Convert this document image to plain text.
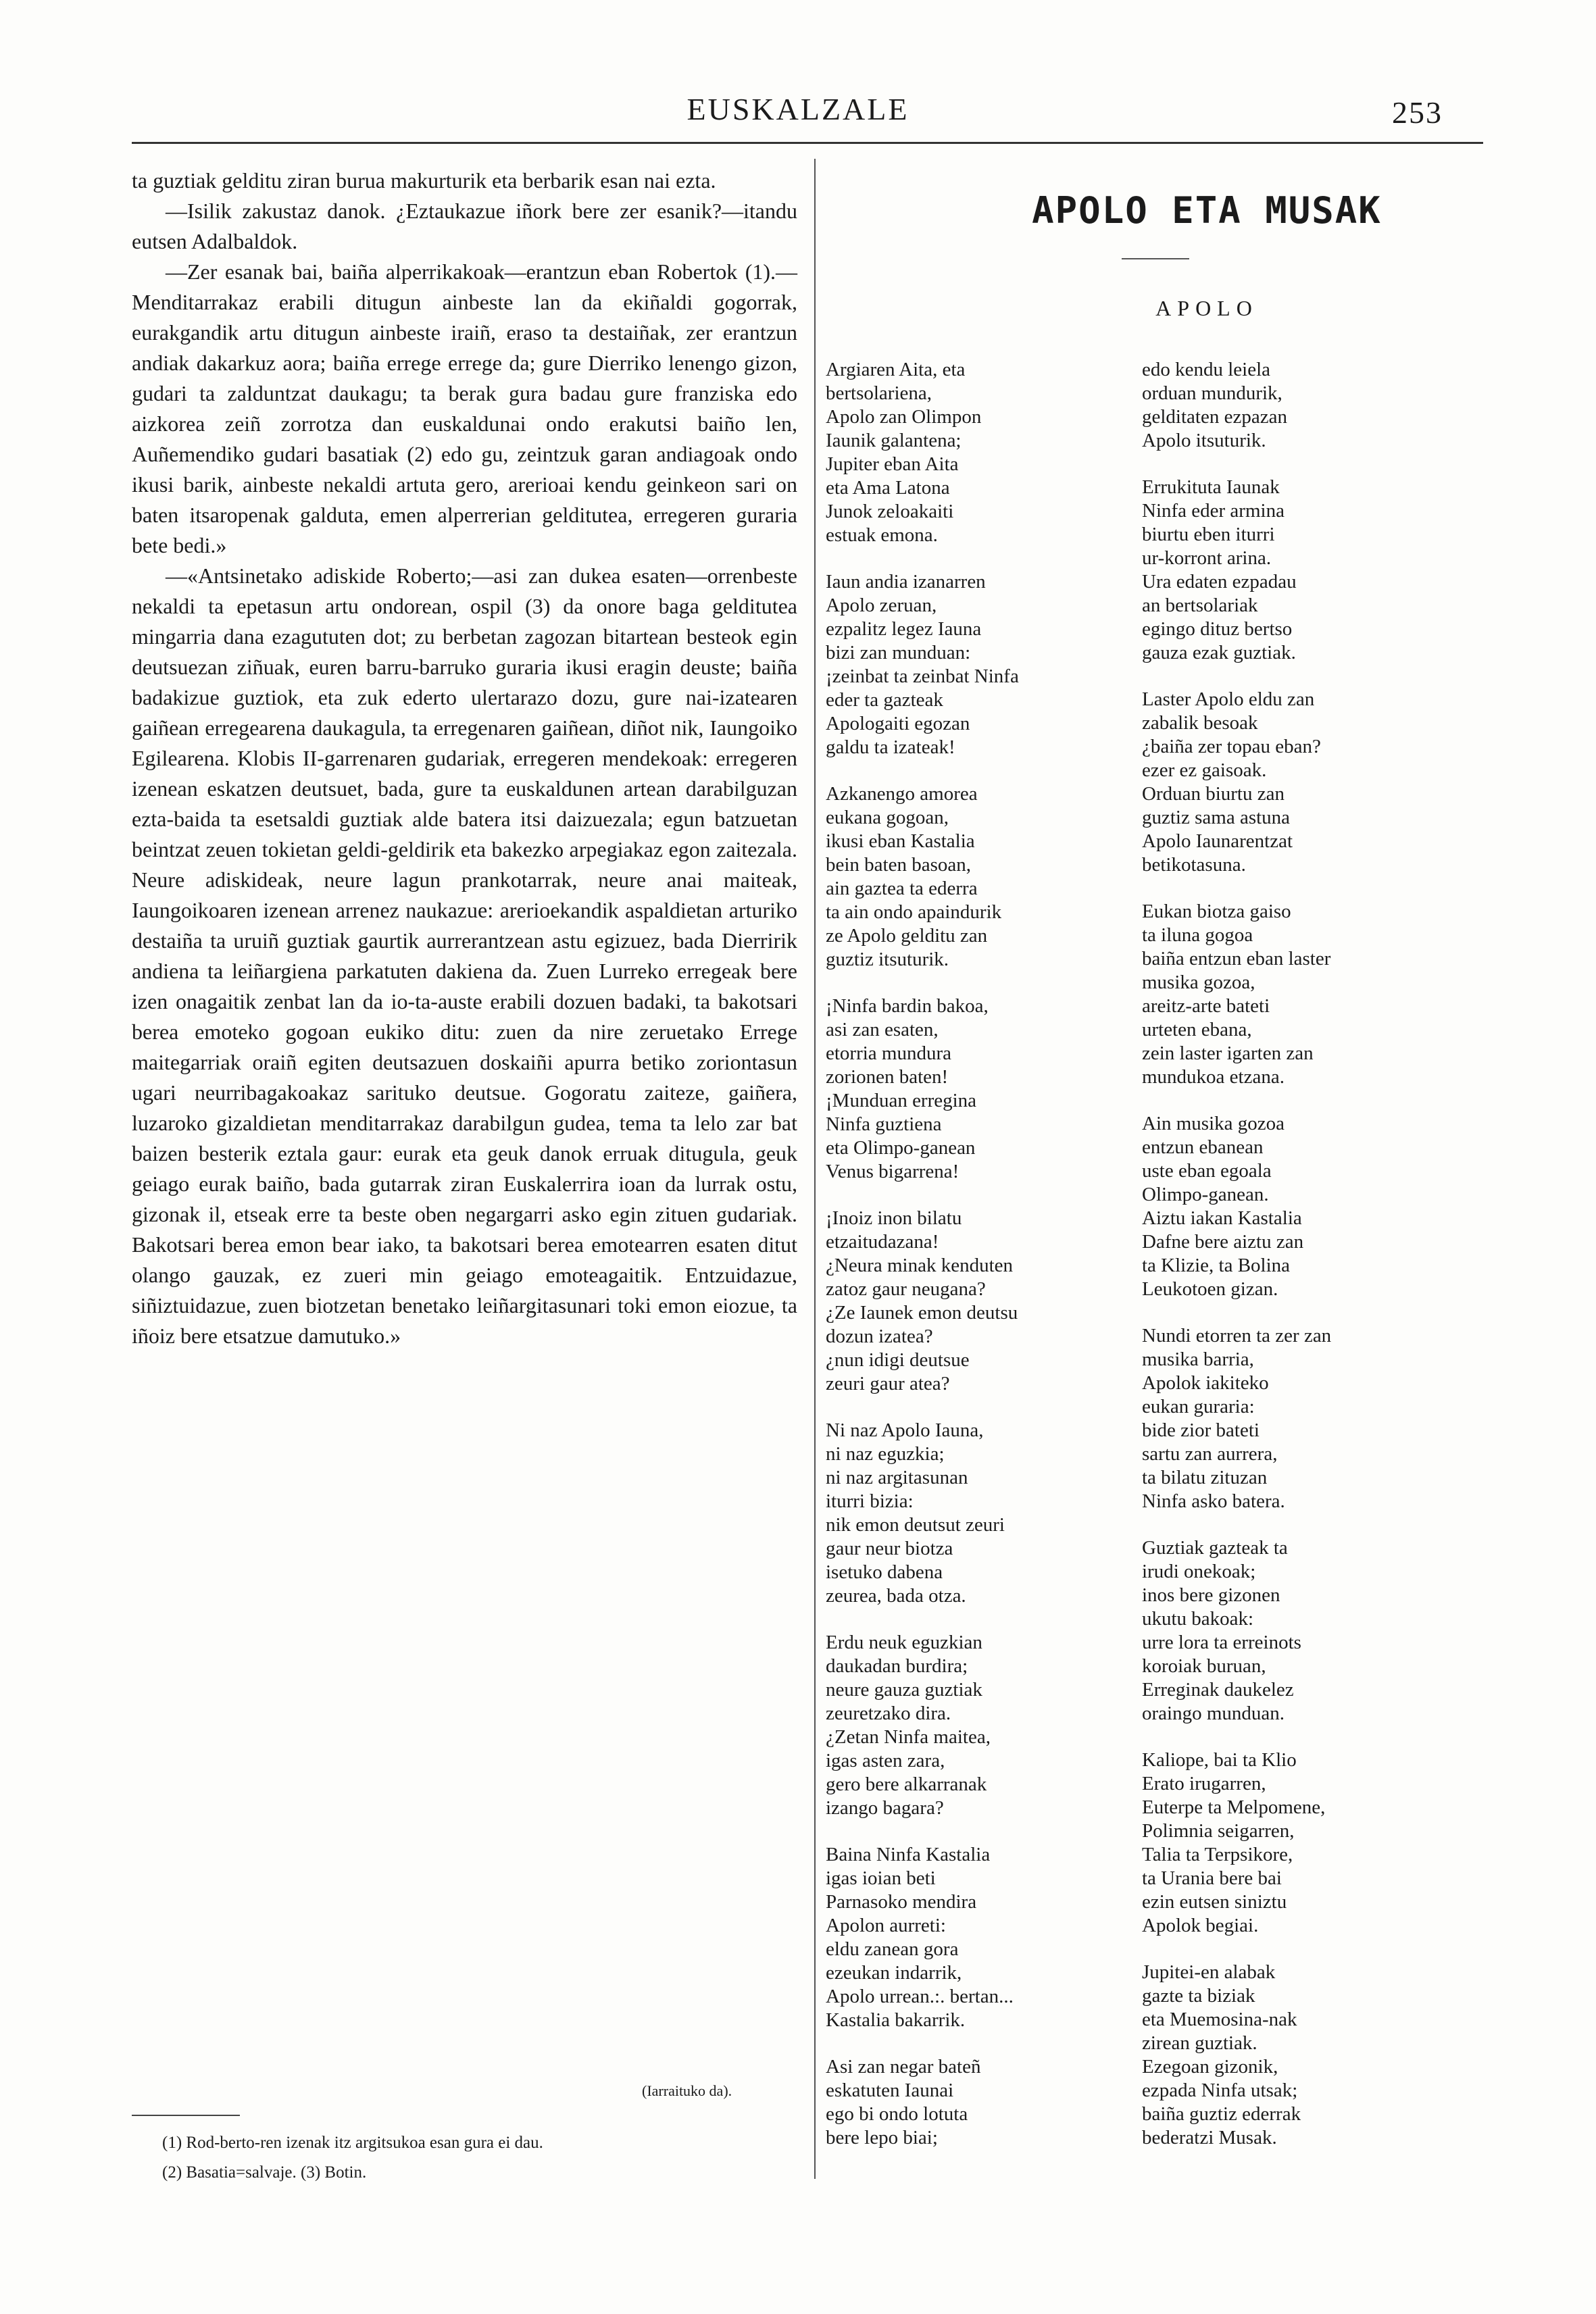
EUSKALZALE	253

ta guztiak gelditu ziran burua makurturik eta berbarik esan nai ezta.

—Isilik zakustaz danok. ¿Eztaukazue iñork bere zer esanik?—itandu eutsen Adalbaldok.

—Zer esanak bai, baiña alperrikakoak—erantzun eban Robertok (1).—Menditarrakaz erabili ditugun ainbeste lan da ekiñaldi gogorrak, eurakgandik artu ditugun ainbeste iraiñ, eraso ta destaiñak, zer erantzun andiak dakarkuz aora; baiña errege errege da; gure Dierriko lenengo gizon, gudari ta zalduntzat daukagu; ta berak gura badau gure franziska edo aizkorea zeiñ zorrotza dan euskaldunai ondo erakutsi baiño len, Auñemendiko gudari basatiak (2) edo gu, zeintzuk garan andiagoak ondo ikusi barik, ainbeste nekaldi artuta gero, arerioai kendu geinkeon sari on baten itsaropenak galduta, emen alperrerian geldituteа, erregeren guraria bete bedi.»

—«Antsinetako adiskide Roberto;—asi zan dukea esaten—orrenbeste nekaldi ta epetasun artu ondorean, ospil (3) da onore baga geldituteа mingarria dana ezagututen dot; zu berbetan zagozan bitartean besteok egin deutsuezan ziñuak, euren barru-barruko guraria ikusi eragin deuste; baiña badakizue guztiok, eta zuk ederto ulertarazo dozu, gure nai-izatearen gaiñean erregearena daukagula, ta erregenaren gaiñean, diñot nik, Iaungoiko Egilearena. Klobis II-garrenaren gudariak, erregeren mendekoak: erregeren izenean eskatzen deutsuet, bada, gure ta euskaldunen artean darabilguzan ezta-baida ta esetsaldi guztiak alde batera itsi daizuezala; egun batzuetan beintzat zeuen tokietan geldi-geldirik eta bakezko arpegiakaz egon zaitezala. Neure adiskideak, neure lagun prankotarrak, neure anai maiteak, Iaungoikoaren izenean arrenez naukazue: arerioekandik aspaldietan arturiko destaiña ta uruiñ guztiak gaurtik aurrerantzean astu egizuez, bada Dierririk andiena ta leiñargiena parkatuten dakiena da. Zuen Lurreko erregeak bere izen onagaitik zenbat lan da io-ta-auste erabili dozuen badaki, ta bakotsari berea emoteko gogoan eukiko ditu: zuen da nire zeruetako Errege maitegarriak oraiñ egiten deutsazuen doskaiñi apurra betiko zoriontasun ugari neurribagakoakaz sarituko deutsue. Gogoratu zaiteze, gaiñera, luzaroko gizaldietan menditarrakaz darabilgun gudea, tema ta lelo zar bat baizen besterik eztala gaur: eurak eta geuk danok erruak ditugula, geuk geiago eurak baiño, bada gutarrak ziran Euskalerrira ioan da lurrak ostu, gizonak il, etseak erre ta beste oben negargarri asko egin zituen gudariak. Bakotsari berea emon bear iako, ta bakotsari berea emotearren esaten ditut olango gauzak, ez zueri min geiago emoteagaitik. Entzuidazue, siñiztuidazue, zuen biotzetan benetako leiñargitasunari toki emon eiozue, ta iñoiz bere etsatzue damutuko.»

(Iarraituko da).
(1) Rod-berto-ren izenak itz argitsukoa esan gura ei dau.
(2) Basatia=salvaje. (3) Botin.
APOLO ETA MUSAK
APOLO
Argiaren Aita, eta
bertsolariena,
Apolo zan Olimpon
Iaunik galantena;
Jupiter eban Aita
eta Ama Latona
Junok zeloakaiti
estuak emona.
Iaun andia izanarren
Apolo zeruan,
ezpalitz legez Iauna
bizi zan munduan:
¡zeinbat ta zeinbat Ninfa
eder ta gazteak
Apologaiti egozan
galdu ta izateak!
Azkanengo amorea
eukana gogoan,
ikusi eban Kastalia
bein baten basoan,
ain gaztea ta ederra
ta ain ondo apaindurik
ze Apolo gelditu zan
guztiz itsuturik.
¡Ninfa bardin bakoa,
asi zan esaten,
etorria mundura
zorionen baten!
¡Munduan erregina
Ninfa guztiena
eta Olimpo-ganean
Venus bigarrena!
¡Inoiz inon bilatu
etzaitudazana!
¿Neura minak kenduten
zatoz gaur neugana?
¿Ze Iaunek emon deutsu
dozun izatea?
¿nun idigi deutsue
zeuri gaur atea?
Ni naz Apolo Iauna,
ni naz eguzkia;
ni naz argitasunan
iturri bizia:
nik emon deutsut zeuri
gaur neur biotza
isetuko dabena
zeurea, bada otza.
Erdu neuk eguzkian
daukadan burdira;
neure gauza guztiak
zeuretzako dira.
¿Zetan Ninfa maitea,
igas asten zara,
gero bere alkarranak
izango bagara?
Baina Ninfa Kastalia
igas ioian beti
Parnasoko mendira
Apolon aurreti:
eldu zanean gora
ezeukan indarrik,
Apolo urrean.:. bertan...
Kastalia bakarrik.
Asi zan negar bateñ
eskatuten Iaunai
ego bi ondo lotuta
bere lepo biai;
edo kendu leiela
orduan mundurik,
gelditaten ezpazan
Apolo itsuturik.
Errukituta Iaunak
Ninfa eder armina
biurtu eben iturri
ur-korront arina.
Ura edaten ezpadau
an bertsolariak
egingo dituz bertso
gauza ezak guztiak.
Laster Apolo eldu zan
zabalik besoak
¿baiña zer topau eban?
ezer ez gaisoak.
Orduan biurtu zan
guztiz sama astuna
Apolo Iaunarentzat
betikotasuna.
Eukan biotza gaiso
ta iluna gogoa
baiña entzun eban laster
musika gozoa,
areitz-arte bateti
urteten ebana,
zein laster igarten zan
mundukoa etzana.
Ain musika gozoa
entzun ebanean
uste eban egoala
Olimpo-ganean.
Aiztu iakan Kastalia
Dafne bere aiztu zan
ta Klizie, ta Bolina
Leukotoen gizan.
Nundi etorren ta zer zan
musika barria,
Apolok iakiteko
eukan guraria:
bide zior bateti
sartu zan aurrera,
ta bilatu zituzan
Ninfa asko batera.
Guztiak gazteak ta
irudi onekoak;
inos bere gizonen
ukutu bakoak:
urre lora ta erreinots
koroiak buruan,
Erreginak daukelez
oraingo munduan.
Kaliope, bai ta Klio
Erato irugarren,
Euterpe ta Melpomene,
Polimnia seigarren,
Talia ta Terpsikore,
ta Urania bere bai
ezin eutsen siniztu
Apolok begiai.
Jupitei-en alabak
gazte ta biziak
eta Muemosina-nak
zirean guztiak.
Ezegoan gizonik,
ezpada Ninfa utsak;
baiña guztiz ederrak
bederatzi Musak.
